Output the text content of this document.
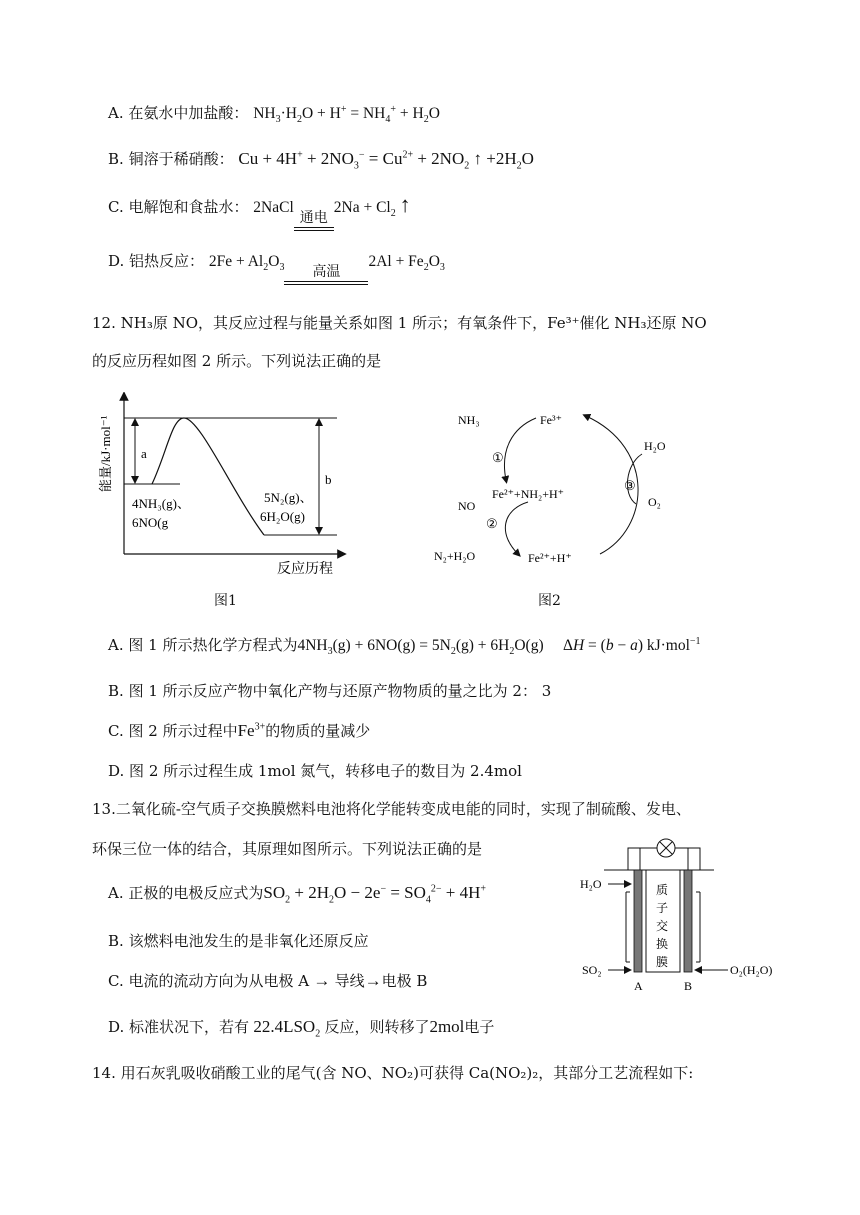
A. 在氨水中加盐酸： $NH_3\cdot H_2O + H^+ = NH_4^+ + H_2O$
B. 铜溶于稀硝酸： $Cu + 4H^+ + 2NO_3^- = Cu^{2+} + 2NO_2$ ↑ $+2H_2O$
C. 电解饱和食盐水： 2NaCl
通电
$2Na + Cl_2$ ↑
D. 铝热反应： $2Fe + Al_2O_3$	高温
$2Al + Fe_2O_3$
12. NH₃原 NO，其反应过程与能量关系如图 1 所示；有氧条件下，Fe³⁺催化 NH₃还原 NO
的反应历程如图 2 所示。下列说法正确的是
能量/kJ·mol⁻¹ a
b
4NH₃(g)、
6NO(g
5N₂(g)、
6H₂O(g)
反应历程
图1
NH₃	Fe³⁺
①
Fe²⁺+NH₂+H⁺
NO
②
N₂+H₂O	Fe²⁺+H⁺
H₂O
③
O₂
图2
A. 图 1 所示热化学方程式为$4NH_3(g) + 6NO(g) = 5N_2(g) + 6H_2O(g)$     ΔH = (b − a) kJ·mol$^{-1}$
B. 图 1 所示反应产物中氧化产物与还原产物物质的量之比为 2： 3
C. 图 2 所示过程中$Fe^{3+}$的物质的量减少
D. 图 2 所示过程生成 1mol 氮气，转移电子的数目为 2.4mol
13.二氧化硫-空气质子交换膜燃料电池将化学能转变成电能的同时，实现了制硫酸、发电、
环保三位一体的结合，其原理如图所示。下列说法正确的是
A. 正极的电极反应式为$SO_2 + 2H_2O - 2e^- = SO_4^{2-} + 4H^+$
B. 该燃料电池发生的是非氧化还原反应
C. 电流的流动方向为从电极 A → 导线→电极 B
D. 标准状况下，若有 $22.4LSO_2$ 反应，则转移了2mol电子
H₂O
SO₂	O₂(H₂O)
质
子
交
换
膜
A	B
14. 用石灰乳吸收硝酸工业的尾气(含 NO、NO₂)可获得 Ca(NO₂)₂，其部分工艺流程如下:
